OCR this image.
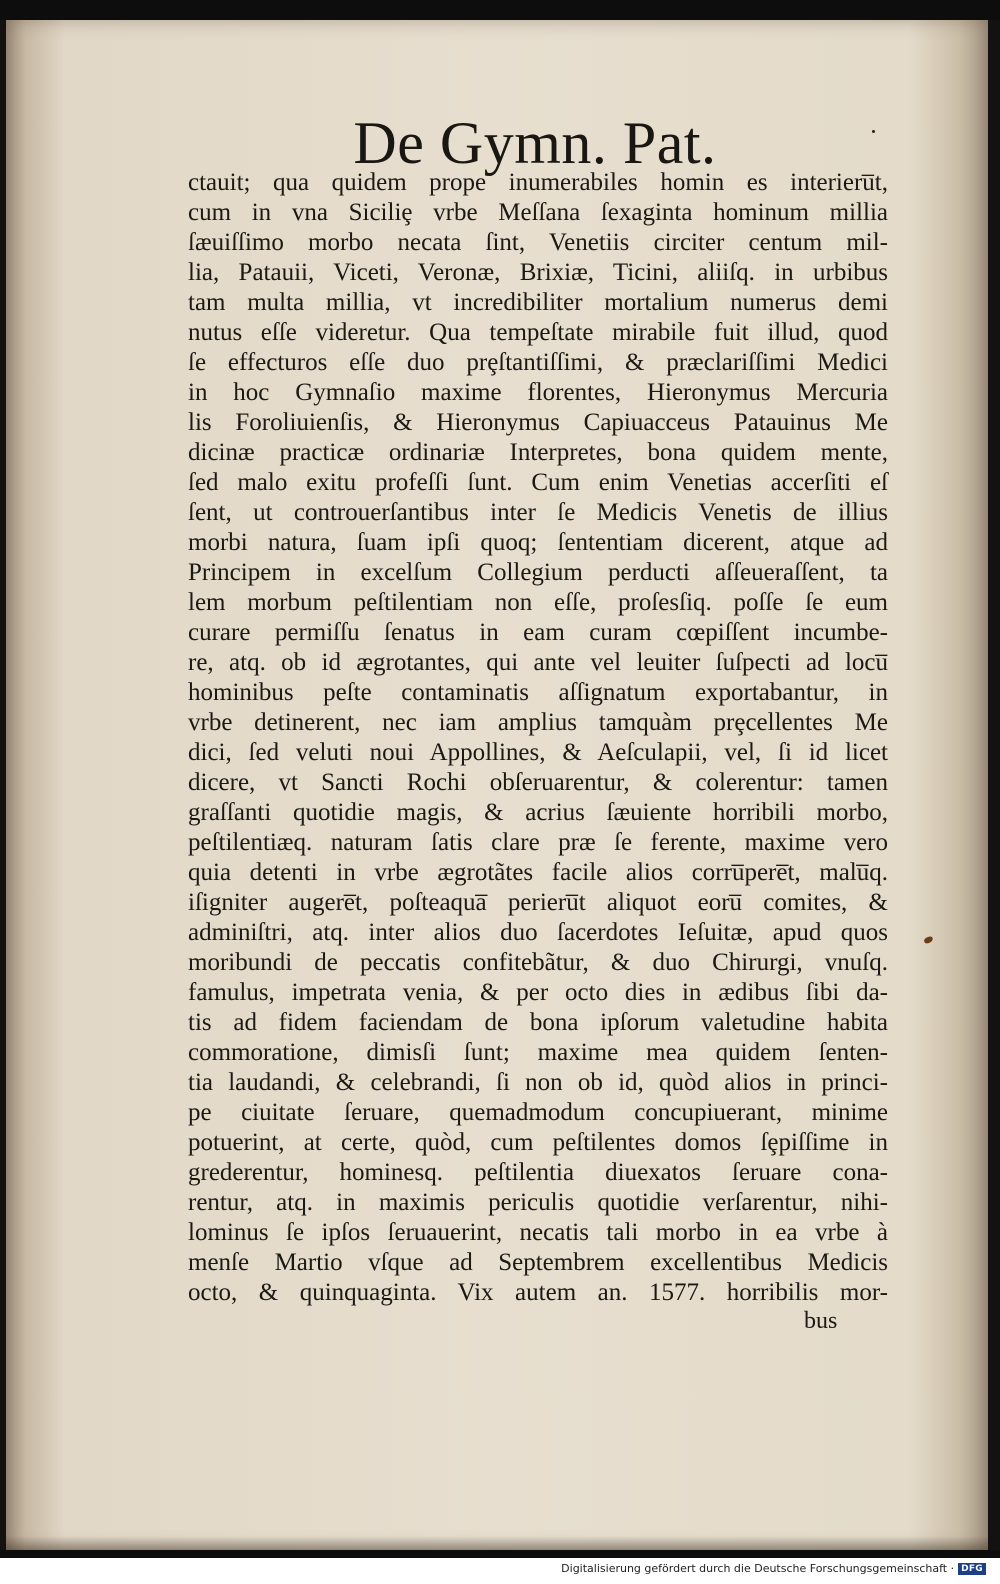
De Gymn. Pat.
ctauit; qua quidem prope inumerabiles homin es interieru̅t,
cum in vna Siciliȩ vrbe Meſſana ſexaginta hominum millia
ſæuiſſimo morbo necata ſint, Venetiis circiter centum mil-
lia, Patauii, Viceti, Veronæ, Brixiæ, Ticini, aliiſq. in urbibus
tam multa millia, vt incredibiliter mortalium numerus demi
nutus eſſe videretur. Qua tempeſtate mirabile fuit illud, quod
ſe effecturos eſſe duo prȩſtantiſſimi, & præclariſſimi Medici
in hoc Gymnaſio maxime florentes, Hieronymus Mercuria
lis Foroliuienſis, & Hieronymus Capiuacceus Patauinus Me
dicinæ practicæ ordinariæ Interpretes, bona quidem mente,
ſed malo exitu profeſſi ſunt. Cum enim Venetias accerſiti eſ
ſent, ut controuerſantibus inter ſe Medicis Venetis de illius
morbi natura, ſuam ipſi quoq; ſententiam dicerent, atque ad
Principem in excelſum Collegium perducti aſſeueraſſent, ta
lem morbum peſtilentiam non eſſe, proſesſiq. poſſe ſe eum
curare permiſſu ſenatus in eam curam cœpiſſent incumbe-
re, atq. ob id ægrotantes, qui ante vel leuiter ſuſpecti ad locu̅
hominibus peſte contaminatis aſſignatum exportabantur, in
vrbe detinerent, nec iam amplius tamquàm prȩcellentes Me
dici, ſed veluti noui Appollines, & Aeſculapii, vel, ſi id licet
dicere, vt Sancti Rochi obſeruarentur, & colerentur: tamen
graſſanti quotidie magis, & acrius ſæuiente horribili morbo,
peſtilentiæq. naturam ſatis clare præ ſe ferente, maxime vero
quia detenti in vrbe ægrotãtes facile alios corru̅pere̅t, malu̅q.
iſigniter augere̅t, poſteaqua̅ perieru̅t aliquot eoru̅ comites, &
adminiſtri, atq. inter alios duo ſacerdotes Ieſuitæ, apud quos
moribundi de peccatis confitebãtur, & duo Chirurgi, vnuſq.
famulus, impetrata venia, & per octo dies in ædibus ſibi da-
tis ad fidem faciendam de bona ipſorum valetudine habita
commoratione, dimisſi ſunt; maxime mea quidem ſenten-
tia laudandi, & celebrandi, ſi non ob id, quòd alios in princi-
pe ciuitate ſeruare, quemadmodum concupiuerant, minime
potuerint, at certe, quòd, cum peſtilentes domos ſȩpiſſime in
grederentur, hominesq. peſtilentia diuexatos ſeruare cona-
rentur, atq. in maximis periculis quotidie verſarentur, nihi-
lominus ſe ipſos ſeruauerint, necatis tali morbo in ea vrbe à
menſe Martio vſque ad Septembrem excellentibus Medicis
octo, & quinquaginta. Vix autem an. 1577. horribilis mor-

bus

Digitalisierung gefördert durch die Deutsche Forschungsgemeinschaft · DFG
